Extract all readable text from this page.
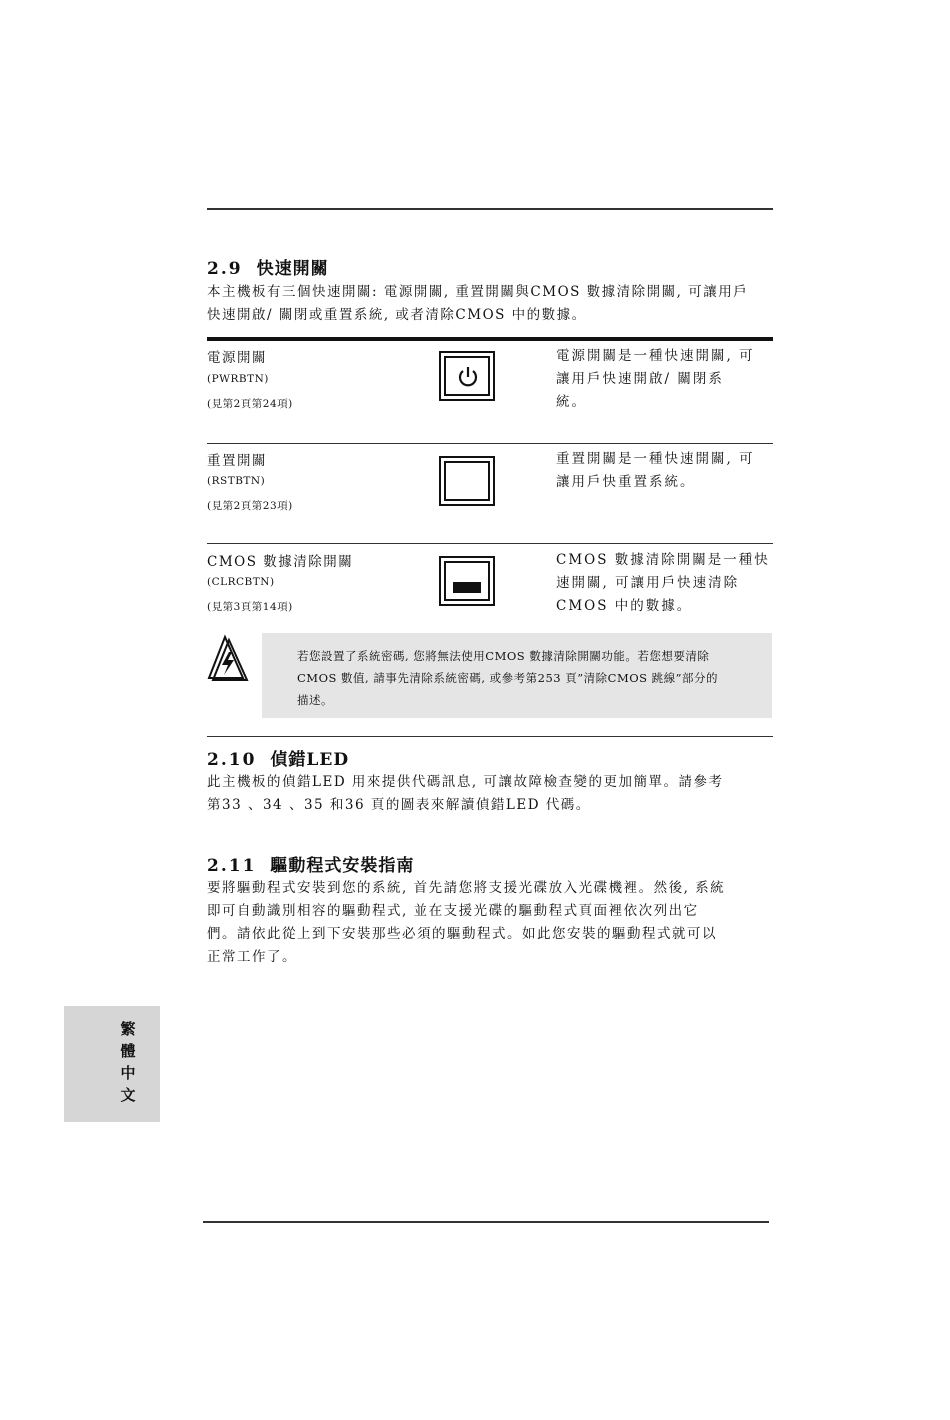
2.9 快速開關
本主機板有三個快速開關: 電源開關, 重置開關與CMOS 數據清除開關, 可讓用戶
快速開啟/ 關閉或重置系統, 或者清除CMOS 中的數據。
電源開關
(PWRBTN)
(見第2頁第24項)
電源開關是一種快速開關, 可
讓用戶快速開啟/ 關閉系
統。
重置開關
(RSTBTN)
(見第2頁第23項)
重置開關是一種快速開關, 可
讓用戶快重置系統。
CMOS 數據清除開關
(CLRCBTN)
(見第3頁第14項)
CMOS 數據清除開關是一種快
速開關, 可讓用戶快速清除
CMOS 中的數據。
若您設置了系統密碼, 您將無法使用CMOS 數據清除開關功能。若您想要清除
CMOS 數值, 請事先清除系統密碼, 或參考第253 頁”清除CMOS 跳線”部分的
描述。
2.10 偵錯LED
此主機板的偵錯LED 用來提供代碼訊息, 可讓故障檢查變的更加簡單。請參考
第33 、34 、35 和36 頁的圖表來解讀偵錯LED 代碼。
2.11 驅動程式安裝指南
要將驅動程式安裝到您的系統, 首先請您將支援光碟放入光碟機裡。然後, 系統
即可自動識別相容的驅動程式, 並在支援光碟的驅動程式頁面裡依次列出它
們。請依此從上到下安裝那些必須的驅動程式。如此您安裝的驅動程式就可以
正常工作了。
繁體中文
